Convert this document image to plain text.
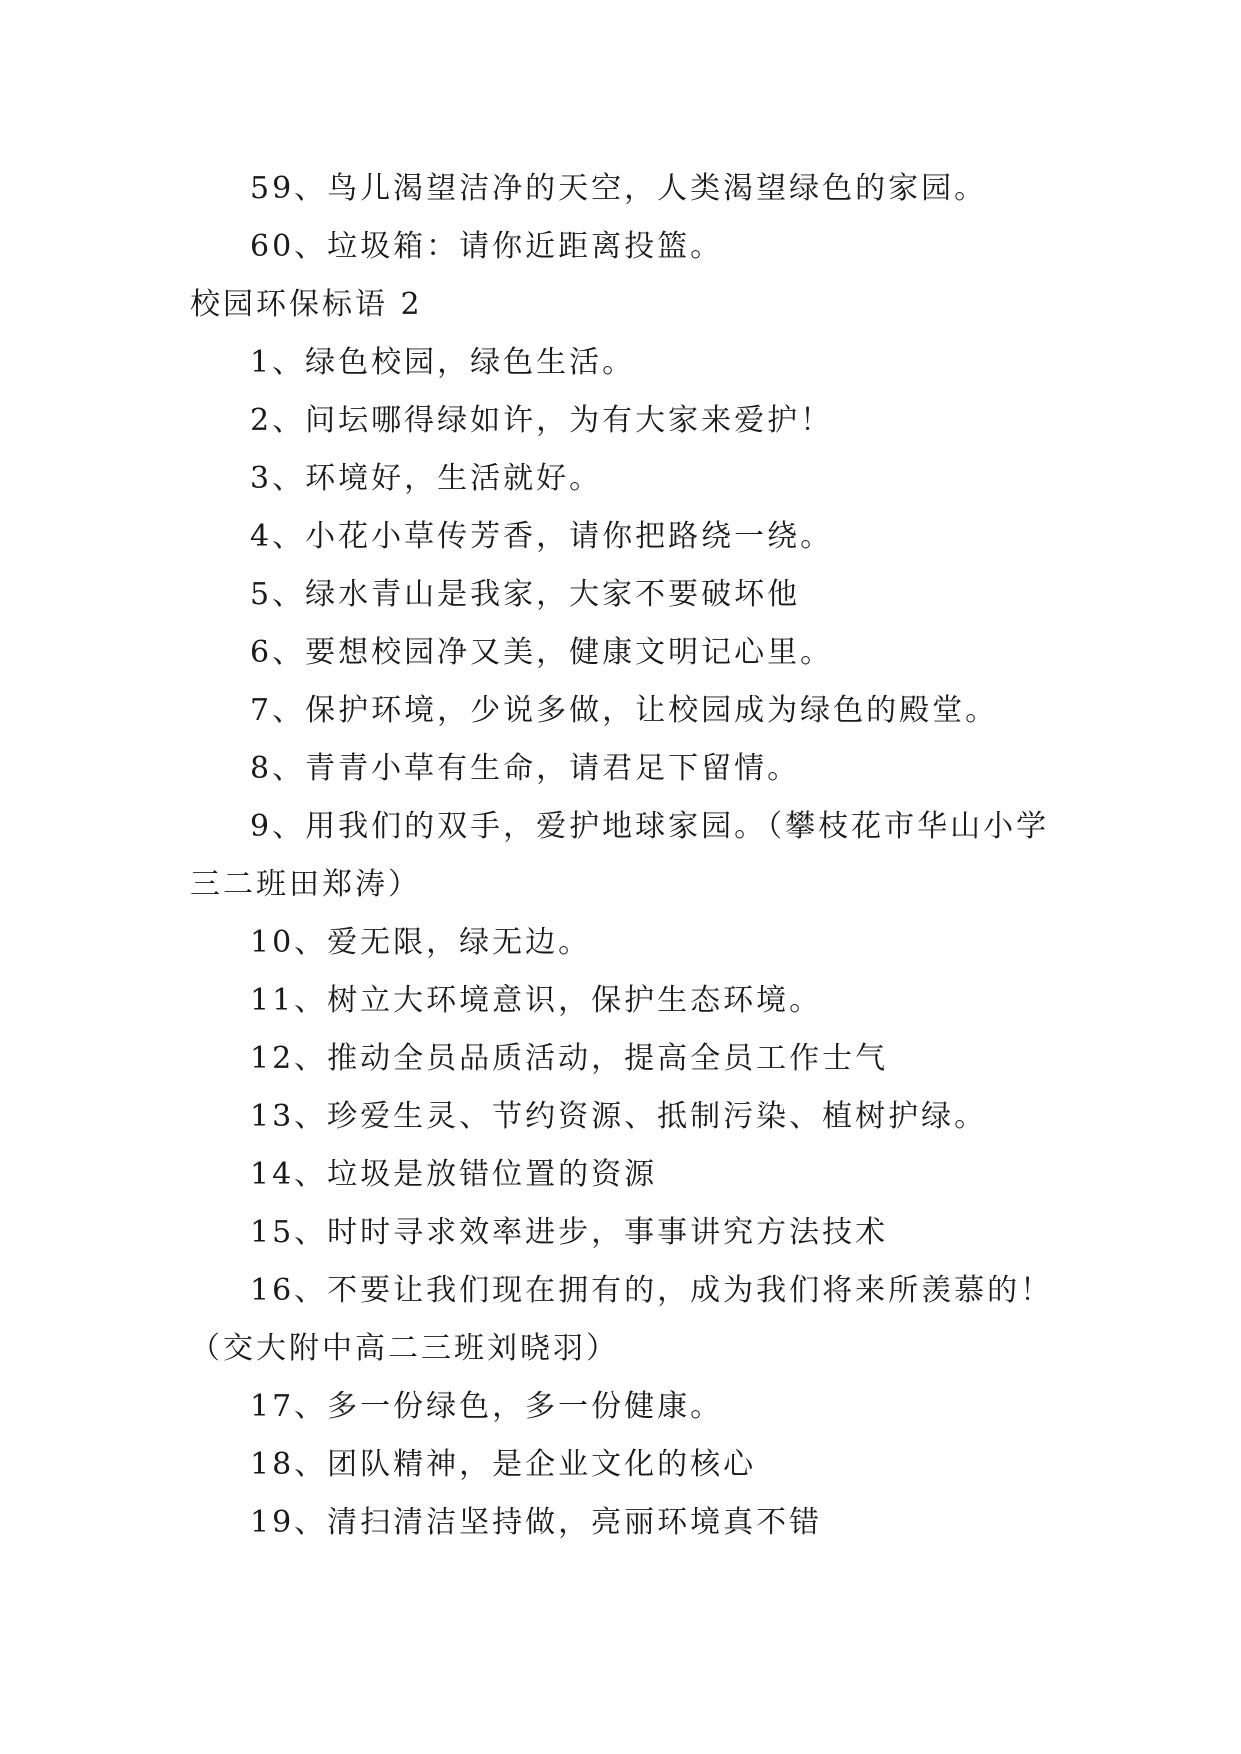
59、鸟儿渴望洁净的天空，人类渴望绿色的家园。
60、垃圾箱：请你近距离投篮。
校园环保标语 2
1、绿色校园，绿色生活。
2、问坛哪得绿如许，为有大家来爱护！
3、环境好，生活就好。
4、小花小草传芳香，请你把路绕一绕。
5、绿水青山是我家，大家不要破坏他
6、要想校园净又美，健康文明记心里。
7、保护环境，少说多做，让校园成为绿色的殿堂。
8、青青小草有生命，请君足下留情。
9、用我们的双手，爱护地球家园。（攀枝花市华山小学
三二班田郑涛）
10、爱无限，绿无边。
11、树立大环境意识，保护生态环境。
12、推动全员品质活动，提高全员工作士气
13、珍爱生灵、节约资源、抵制污染、植树护绿。
14、垃圾是放错位置的资源
15、时时寻求效率进步，事事讲究方法技术
16、不要让我们现在拥有的，成为我们将来所羡慕的！
（交大附中高二三班刘晓羽）
17、多一份绿色，多一份健康。
18、团队精神，是企业文化的核心
19、清扫清洁坚持做，亮丽环境真不错
